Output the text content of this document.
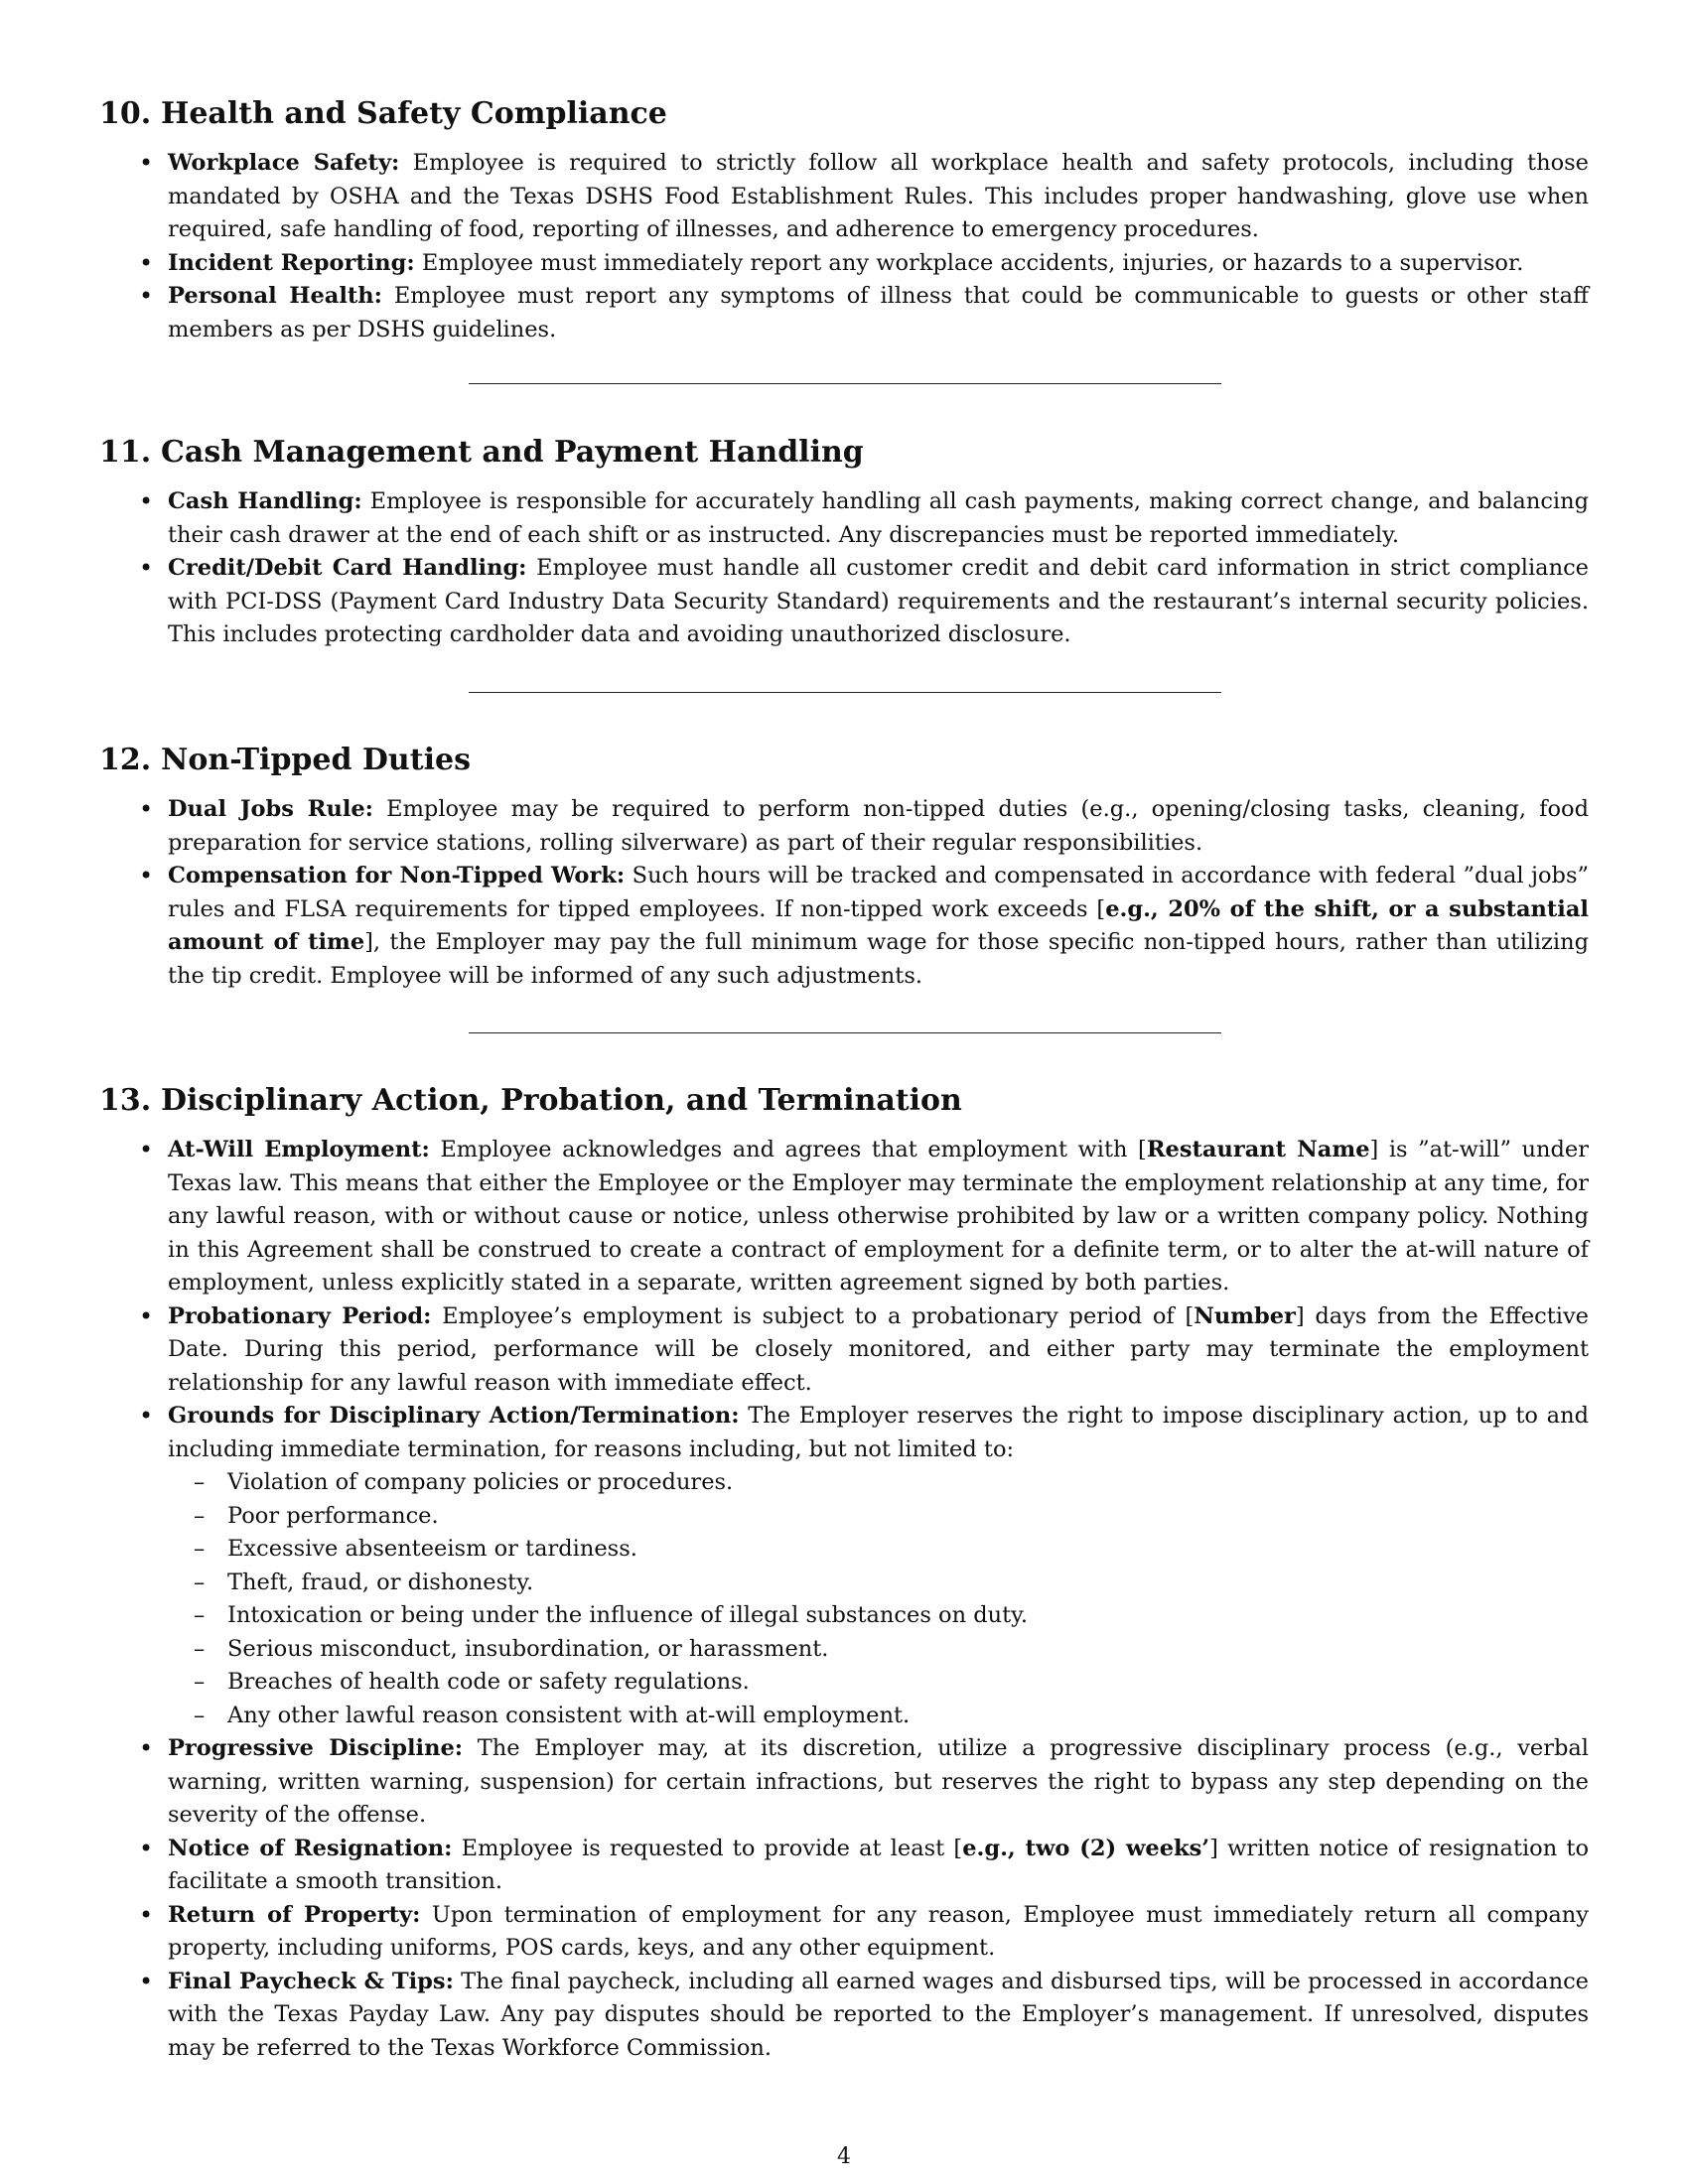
10. Health and Safety Compliance
• Workplace Safety: Employee is required to strictly follow all workplace health and safety protocols, including those mandated by OSHA and the Texas DSHS Food Establishment Rules. This includes proper handwashing, glove use when required, safe handling of food, reporting of illnesses, and adherence to emergency procedures.
• Incident Reporting: Employee must immediately report any workplace accidents, injuries, or hazards to a supervisor.
• Personal Health: Employee must report any symptoms of illness that could be communicable to guests or other staff members as per DSHS guidelines.
11. Cash Management and Payment Handling
• Cash Handling: Employee is responsible for accurately handling all cash payments, making correct change, and balancing their cash drawer at the end of each shift or as instructed. Any discrepancies must be reported immediately.
• Credit/Debit Card Handling: Employee must handle all customer credit and debit card information in strict compliance with PCI-DSS (Payment Card Industry Data Security Standard) requirements and the restaurant’s internal security policies. This includes protecting cardholder data and avoiding unauthorized disclosure.
12. Non-Tipped Duties
• Dual Jobs Rule: Employee may be required to perform non-tipped duties (e.g., opening/closing tasks, cleaning, food preparation for service stations, rolling silverware) as part of their regular responsibilities.
• Compensation for Non-Tipped Work: Such hours will be tracked and compensated in accordance with federal ”dual jobs” rules and FLSA requirements for tipped employees. If non-tipped work exceeds [e.g., 20% of the shift, or a substantial amount of time], the Employer may pay the full minimum wage for those specific non-tipped hours, rather than utilizing the tip credit. Employee will be informed of any such adjustments.
13. Disciplinary Action, Probation, and Termination
• At-Will Employment: Employee acknowledges and agrees that employment with [Restaurant Name] is ”at-will” under Texas law. This means that either the Employee or the Employer may terminate the employment relationship at any time, for any lawful reason, with or without cause or notice, unless otherwise prohibited by law or a written company policy. Nothing in this Agreement shall be construed to create a contract of employment for a definite term, or to alter the at-will nature of employment, unless explicitly stated in a separate, written agreement signed by both parties.
• Probationary Period: Employee’s employment is subject to a probationary period of [Number] days from the Effective Date. During this period, performance will be closely monitored, and either party may terminate the employment relationship for any lawful reason with immediate effect.
• Grounds for Disciplinary Action/Termination: The Employer reserves the right to impose disciplinary action, up to and including immediate termination, for reasons including, but not limited to:
– Violation of company policies or procedures.
– Poor performance.
– Excessive absenteeism or tardiness.
– Theft, fraud, or dishonesty.
– Intoxication or being under the influence of illegal substances on duty.
– Serious misconduct, insubordination, or harassment.
– Breaches of health code or safety regulations.
– Any other lawful reason consistent with at-will employment.
• Progressive Discipline: The Employer may, at its discretion, utilize a progressive disciplinary process (e.g., verbal warning, written warning, suspension) for certain infractions, but reserves the right to bypass any step depending on the severity of the offense.
• Notice of Resignation: Employee is requested to provide at least [e.g., two (2) weeks’] written notice of resignation to facilitate a smooth transition.
• Return of Property: Upon termination of employment for any reason, Employee must immediately return all company property, including uniforms, POS cards, keys, and any other equipment.
• Final Paycheck & Tips: The final paycheck, including all earned wages and disbursed tips, will be processed in accordance with the Texas Payday Law. Any pay disputes should be reported to the Employer’s management. If unresolved, disputes may be referred to the Texas Workforce Commission.
4
